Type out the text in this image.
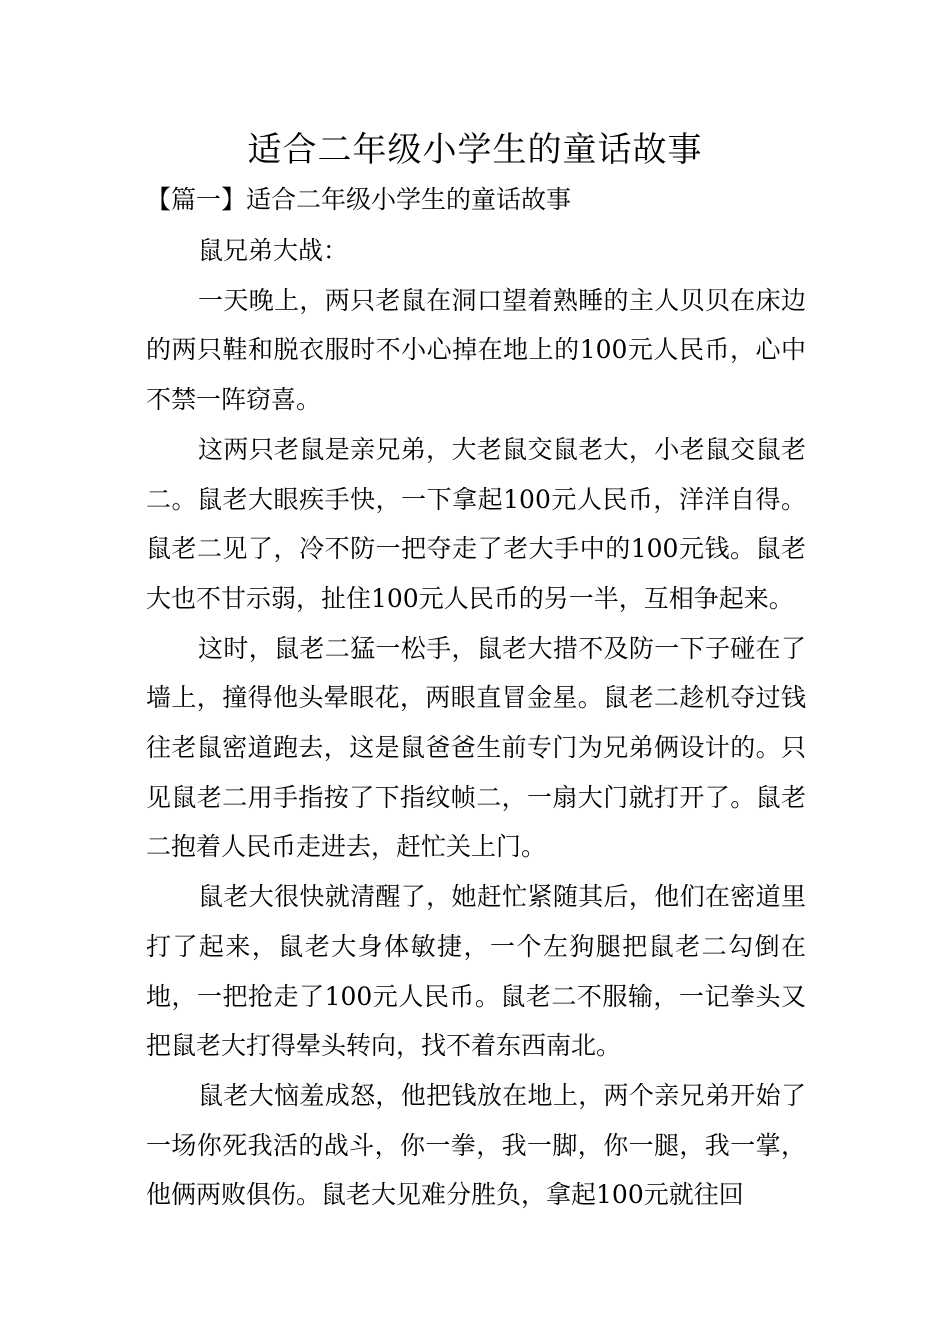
适合二年级小学生的童话故事
【篇一】适合二年级小学生的童话故事

鼠兄弟大战：

一天晚上，两只老鼠在洞口望着熟睡的主人贝贝在床边的两只鞋和脱衣服时不小心掉在地上的100元人民币，心中不禁一阵窃喜。

这两只老鼠是亲兄弟，大老鼠交鼠老大，小老鼠交鼠老二。鼠老大眼疾手快，一下拿起100元人民币，洋洋自得。鼠老二见了，冷不防一把夺走了老大手中的100元钱。鼠老大也不甘示弱，扯住100元人民币的另一半，互相争起来。

这时，鼠老二猛一松手，鼠老大措不及防一下子碰在了墙上，撞得他头晕眼花，两眼直冒金星。鼠老二趁机夺过钱往老鼠密道跑去，这是鼠爸爸生前专门为兄弟俩设计的。只见鼠老二用手指按了下指纹帧二，一扇大门就打开了。鼠老二抱着人民币走进去，赶忙关上门。

鼠老大很快就清醒了，她赶忙紧随其后，他们在密道里打了起来，鼠老大身体敏捷，一个左狗腿把鼠老二勾倒在地，一把抢走了100元人民币。鼠老二不服输，一记拳头又把鼠老大打得晕头转向，找不着东西南北。

鼠老大恼羞成怒，他把钱放在地上，两个亲兄弟开始了一场你死我活的战斗，你一拳，我一脚，你一腿，我一掌，他俩两败俱伤。鼠老大见难分胜负，拿起100元就往回
